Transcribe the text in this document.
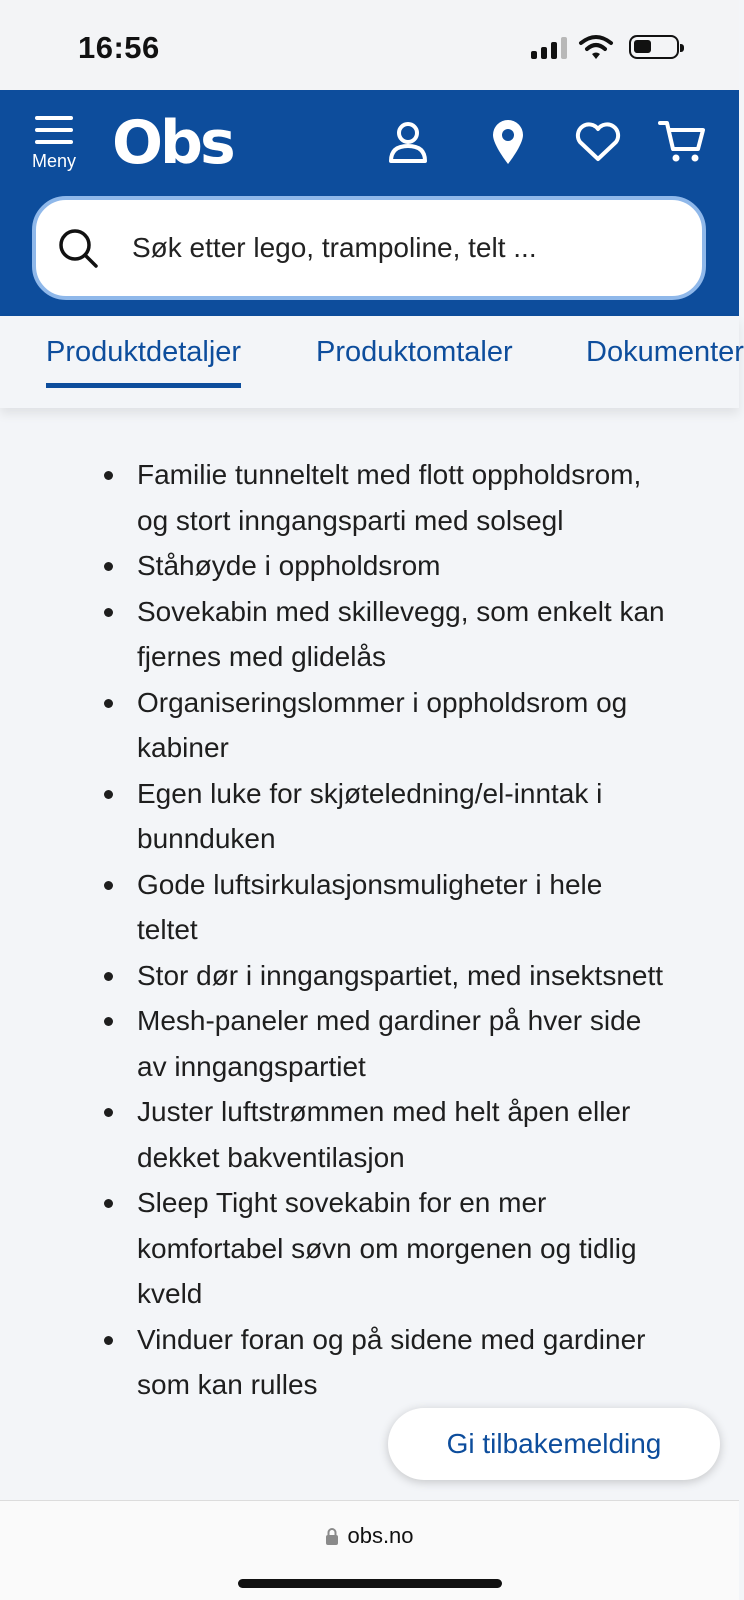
16:56
Meny Obs
Søk etter lego, trampoline, telt ...
Produktdetaljer	Produktomtaler	Dokumenter
Familie tunneltelt med flott oppholdsrom, og stort inngangsparti med solsegl
Ståhøyde i oppholdsrom
Sovekabin med skillevegg, som enkelt kan fjernes med glidelås
Organiseringslommer i oppholdsrom og kabiner
Egen luke for skjøteledning/el-inntak i bunnduken
Gode luftsirkulasjonsmuligheter i hele teltet
Stor dør i inngangspartiet, med insektsnett
Mesh-paneler med gardiner på hver side av inngangspartiet
Juster luftstrømmen med helt åpen eller dekket bakventilasjon
Sleep Tight sovekabin for en mer komfortabel søvn om morgenen og tidlig kveld
Vinduer foran og på sidene med gardiner som kan rulles
Gi tilbakemelding
obs.no
